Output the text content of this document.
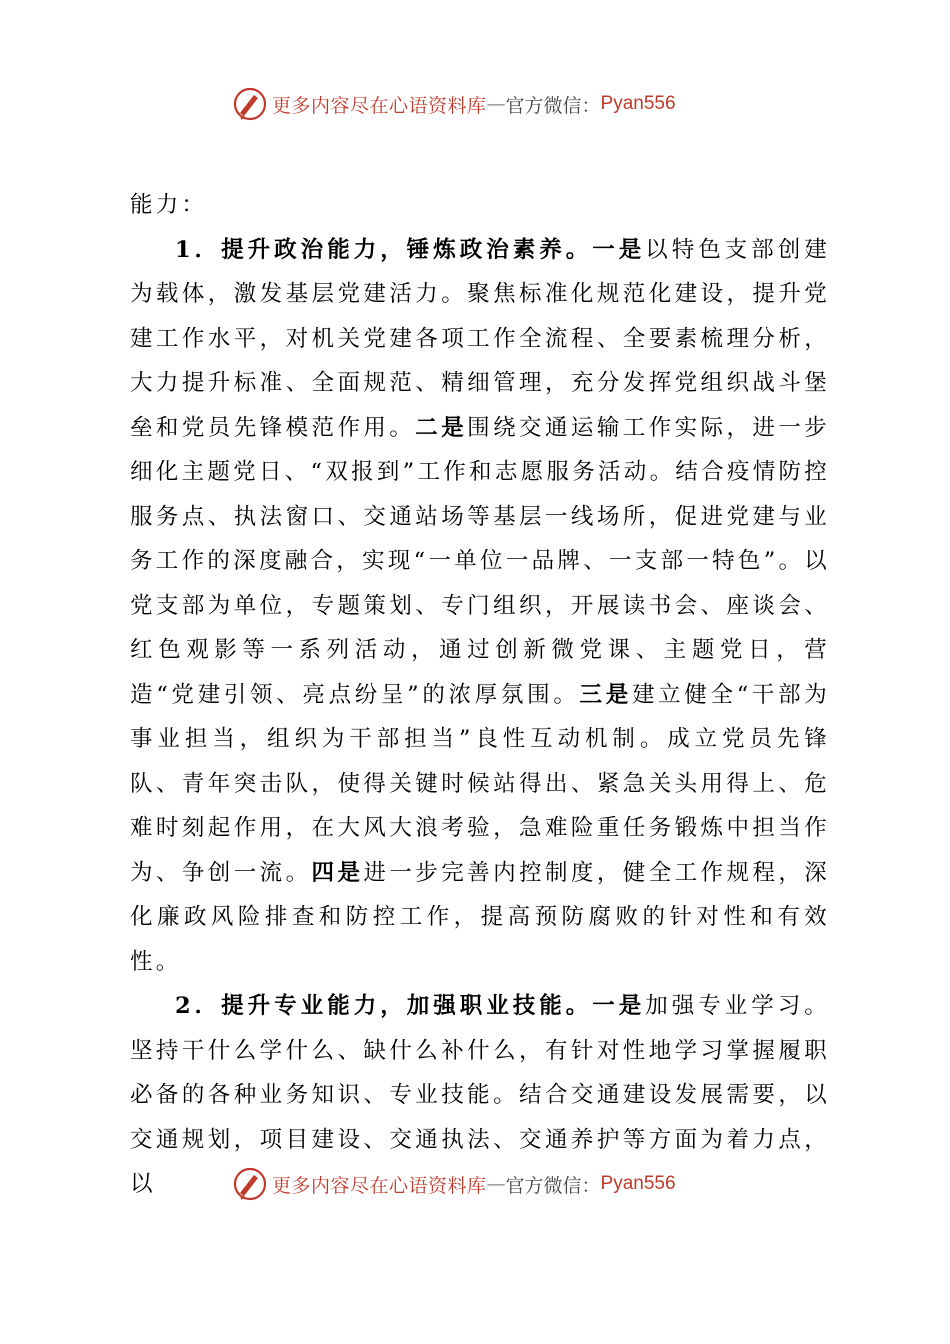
更多内容尽在心语资料库 — 官方微信： Pyan556

能力：

1．提升政治能力，锤炼政治素养。一是以特色支部创建为载体，激发基层党建活力。聚焦标准化规范化建设，提升党建工作水平，对机关党建各项工作全流程、全要素梳理分析，大力提升标准、全面规范、精细管理，充分发挥党组织战斗堡垒和党员先锋模范作用。二是围绕交通运输工作实际，进一步细化主题党日、“双报到”工作和志愿服务活动。结合疫情防控服务点、执法窗口、交通站场等基层一线场所，促进党建与业务工作的深度融合，实现“一单位一品牌、一支部一特色”。以党支部为单位，专题策划、专门组织，开展读书会、座谈会、红色观影等一系列活动，通过创新微党课、主题党日，营造“党建引领、亮点纷呈”的浓厚氛围。三是建立健全“干部为事业担当，组织为干部担当”良性互动机制。成立党员先锋队、青年突击队，使得关键时候站得出、紧急关头用得上、危难时刻起作用，在大风大浪考验，急难险重任务锻炼中担当作为、争创一流。四是进一步完善内控制度，健全工作规程，深化廉政风险排查和防控工作，提高预防腐败的针对性和有效性。

2．提升专业能力，加强职业技能。一是加强专业学习。坚持干什么学什么、缺什么补什么，有针对性地学习掌握履职必备的各种业务知识、专业技能。结合交通建设发展需要，以交通规划，项目建设、交通执法、交通养护等方面为着力点，以	更多内容尽在心语资料库 — 官方微信： Pyan556
